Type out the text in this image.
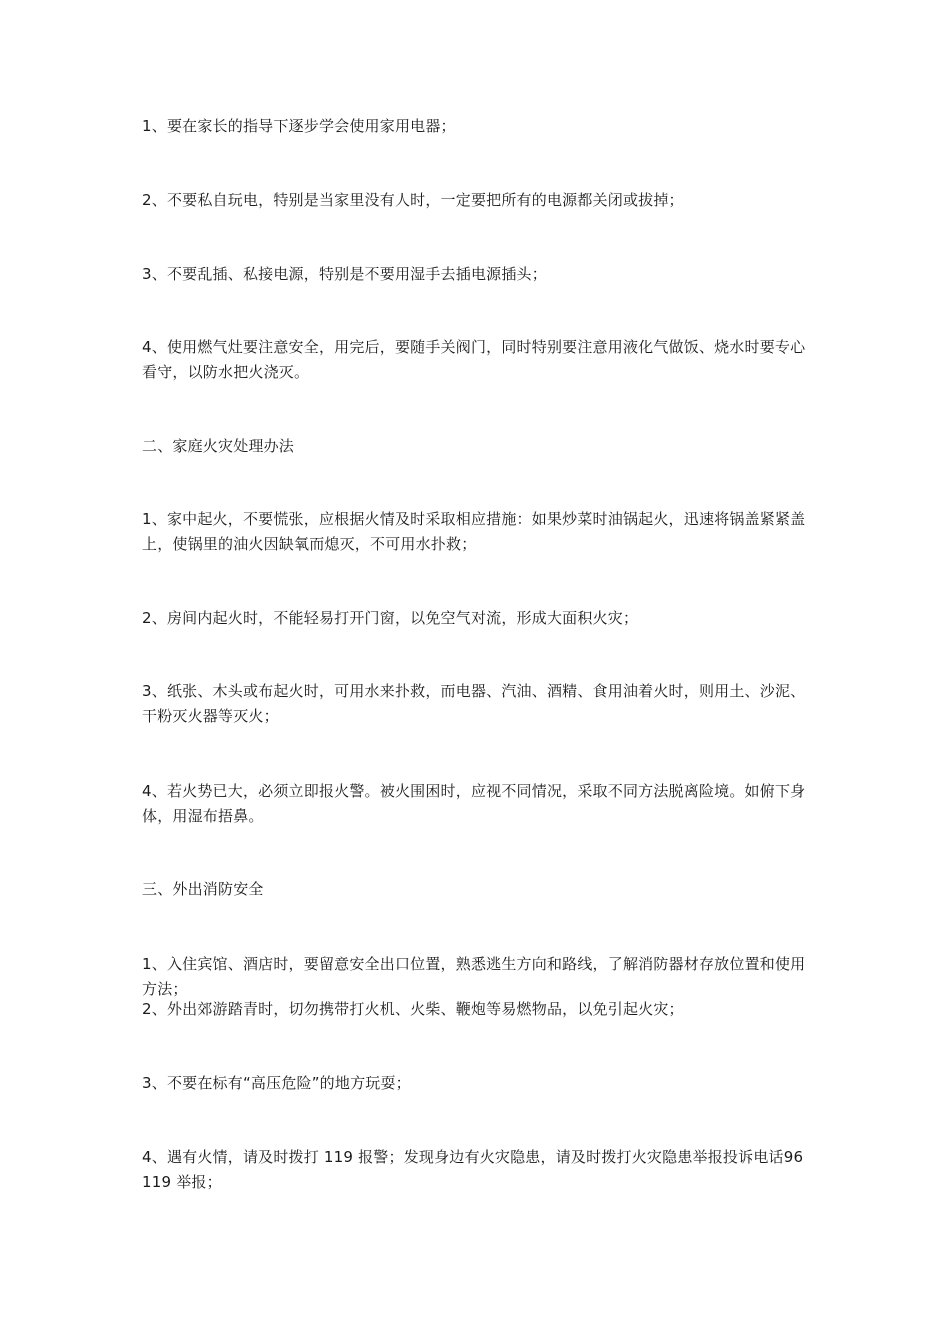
1、要在家长的指导下逐步学会使用家用电器；

2、不要私自玩电，特别是当家里没有人时，一定要把所有的电源都关闭或拔掉；

3、不要乱插、私接电源，特别是不要用湿手去插电源插头；

4、使用燃气灶要注意安全，用完后，要随手关阀门，同时特别要注意用液化气做饭、烧水时要专心看守，以防水把火浇灭。

二、家庭火灾处理办法

1、家中起火，不要慌张，应根据火情及时采取相应措施：如果炒菜时油锅起火，迅速将锅盖紧紧盖上，使锅里的油火因缺氧而熄灭，不可用水扑救；

2、房间内起火时，不能轻易打开门窗，以免空气对流，形成大面积火灾；

3、纸张、木头或布起火时，可用水来扑救，而电器、汽油、酒精、食用油着火时，则用土、沙泥、干粉灭火器等灭火；

4、若火势已大，必须立即报火警。被火围困时，应视不同情况，采取不同方法脱离险境。如俯下身体，用湿布捂鼻。

三、外出消防安全

1、入住宾馆、酒店时，要留意安全出口位置，熟悉逃生方向和路线，了解消防器材存放位置和使用方法；

2、外出郊游踏青时，切勿携带打火机、火柴、鞭炮等易燃物品，以免引起火灾；

3、不要在标有“高压危险”的地方玩耍；

4、遇有火情，请及时拨打 119 报警；发现身边有火灾隐患，请及时拨打火灾隐患举报投诉电话96119 举报；
